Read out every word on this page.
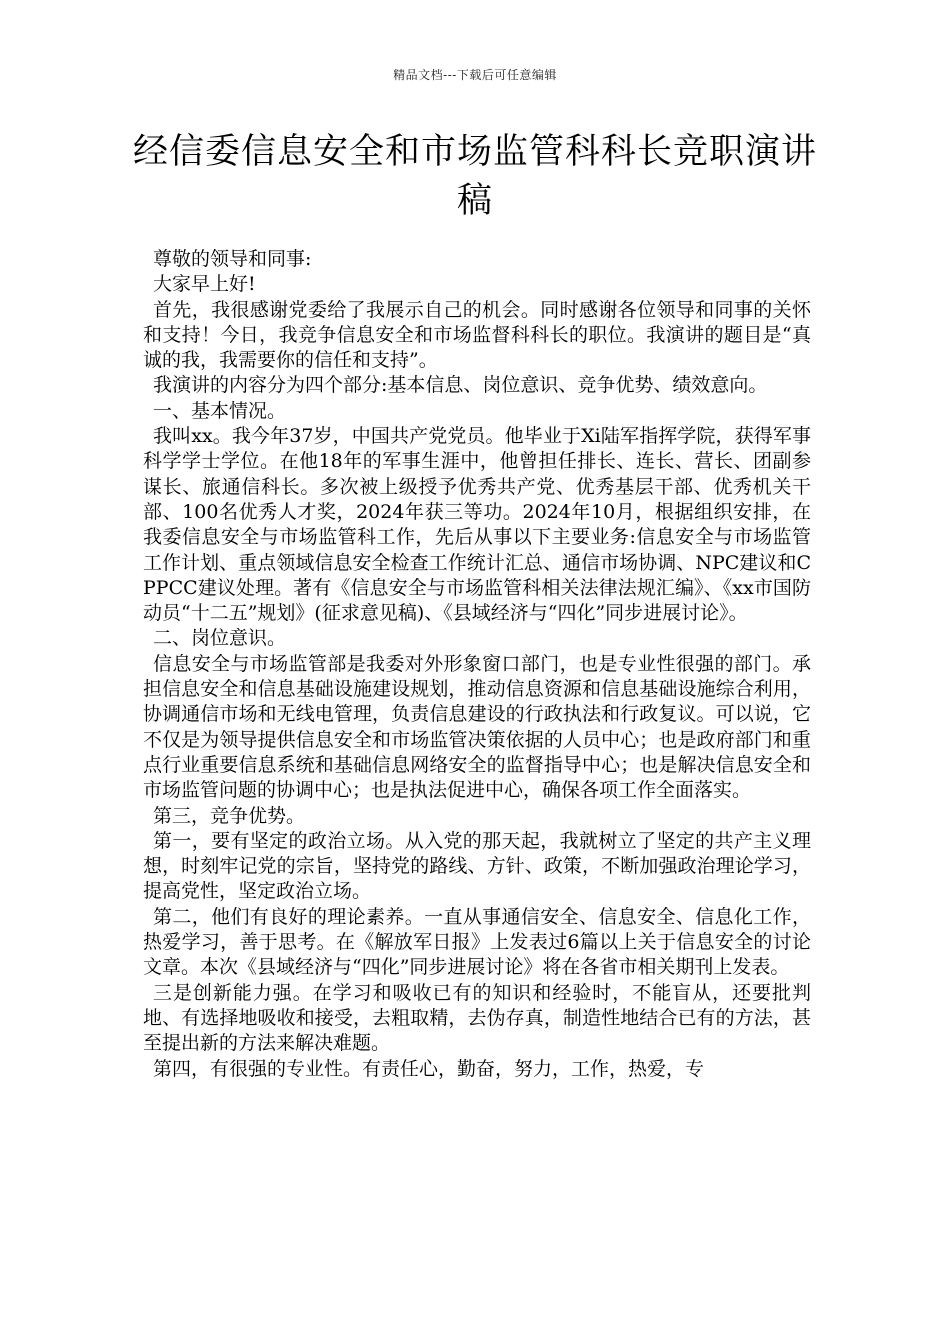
精品文档---下载后可任意编辑
经信委信息安全和市场监管科科长竞职演讲稿

尊敬的领导和同事:

大家早上好!

首先，我很感谢党委给了我展示自己的机会。同时感谢各位领导和同事的关怀和支持！今日，我竞争信息安全和市场监督科科长的职位。我演讲的题目是“真诚的我，我需要你的信任和支持”。

我演讲的内容分为四个部分:基本信息、岗位意识、竞争优势、绩效意向。

一、基本情况。

我叫xx。我今年37岁，中国共产党党员。他毕业于Xi陆军指挥学院，获得军事科学学士学位。在他18年的军事生涯中，他曾担任排长、连长、营长、团副参谋长、旅通信科长。多次被上级授予优秀共产党、优秀基层干部、优秀机关干部、100名优秀人才奖，2024年获三等功。2024年10月，根据组织安排，在我委信息安全与市场监管科工作，先后从事以下主要业务:信息安全与市场监管工作计划、重点领域信息安全检查工作统计汇总、通信市场协调、NPC建议和CPPCC建议处理。著有《信息安全与市场监管科相关法律法规汇编》、《xx市国防动员“十二五”规划》(征求意见稿)、《县域经济与“四化”同步进展讨论》。

二、岗位意识。

信息安全与市场监管部是我委对外形象窗口部门，也是专业性很强的部门。承担信息安全和信息基础设施建设规划，推动信息资源和信息基础设施综合利用，协调通信市场和无线电管理，负责信息建设的行政执法和行政复议。可以说，它不仅是为领导提供信息安全和市场监管决策依据的人员中心；也是政府部门和重点行业重要信息系统和基础信息网络安全的监督指导中心；也是解决信息安全和市场监管问题的协调中心；也是执法促进中心，确保各项工作全面落实。

第三，竞争优势。

第一，要有坚定的政治立场。从入党的那天起，我就树立了坚定的共产主义理想，时刻牢记党的宗旨，坚持党的路线、方针、政策，不断加强政治理论学习，提高党性，坚定政治立场。

第二，他们有良好的理论素养。一直从事通信安全、信息安全、信息化工作，热爱学习，善于思考。在《解放军日报》上发表过6篇以上关于信息安全的讨论文章。本次《县域经济与“四化”同步进展讨论》将在各省市相关期刊上发表。

三是创新能力强。在学习和吸收已有的知识和经验时，不能盲从，还要批判地、有选择地吸收和接受，去粗取精，去伪存真，制造性地结合已有的方法，甚至提出新的方法来解决难题。

第四，有很强的专业性。有责任心，勤奋，努力，工作，热爱，专
